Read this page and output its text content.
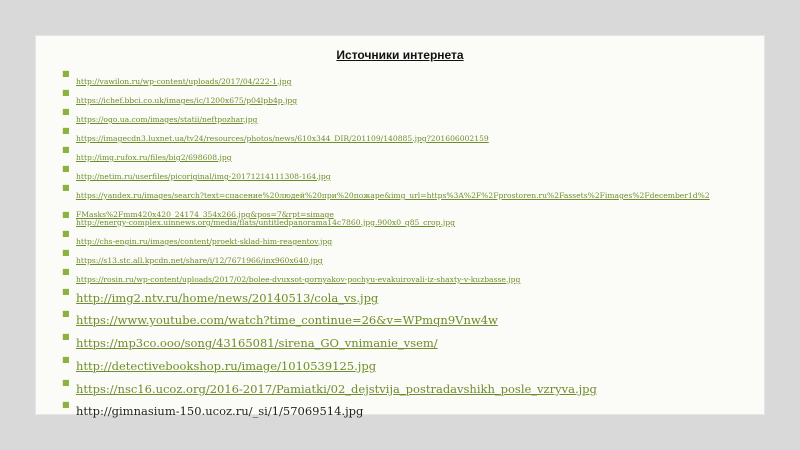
Источники интернета
■
http://vawilon.ru/wp-content/uploads/2017/04/222-1.jpg
■
https://ichef.bbci.co.uk/images/ic/1200x675/p04lpb4p.jpg
■
https://ogo.ua.com/images/statii/neftpozhar.jpg
■
https://imagecdn3.luxnet.ua/tv24/resources/photos/news/610x344_DIR/201109/140885.jpg?201606002159
■
http://img.rufox.ru/files/big2/698608.jpg
■
http://netim.ru/userfiles/picoriginal/img-20171214111308-164.jpg
■
https://yandex.ru/images/search?text=спасение%20людей%20при%20пожаре&img_url=https%3A%2F%2Fprostoren.ru%2Fassets%2Fimages%2Fdecember1d%2FMasks%2Fmm420x420_24174_354x266.jpg&pos=7&rpt=simage
■
http://energy-complex.uinnews.org/media/flats/untitledpanorama14c7860.jpg.900x0_q85_crop.jpg
■
http://chs-engin.ru/images/content/proekt-sklad-him-reagentov.jpg
■
https://s13.stc.all.kpcdn.net/share/i/12/7671966/inx960x640.jpg
■
https://rosin.ru/wp-content/uploads/2017/02/bolee-dvuxsot-gornyakov-pochyu-evakuirovali-iz-shaxty-v-kuzbasse.jpg
■ http://img2.ntv.ru/home/news/20140513/cola_vs.jpg
■ https://www.youtube.com/watch?time_continue=26&v=WPmqn9Vnw4w
■ https://mp3co.ooo/song/43165081/sirena_GO_vnimanie_vsem/
■ http://detectivebookshop.ru/image/1010539125.jpg
■ https://nsc16.ucoz.org/2016-2017/Pamiatki/02_dejstvija_postradavshikh_posle_vzryva.jpg
■ http://gimnasium-150.ucoz.ru/_si/1/57069514.jpg
